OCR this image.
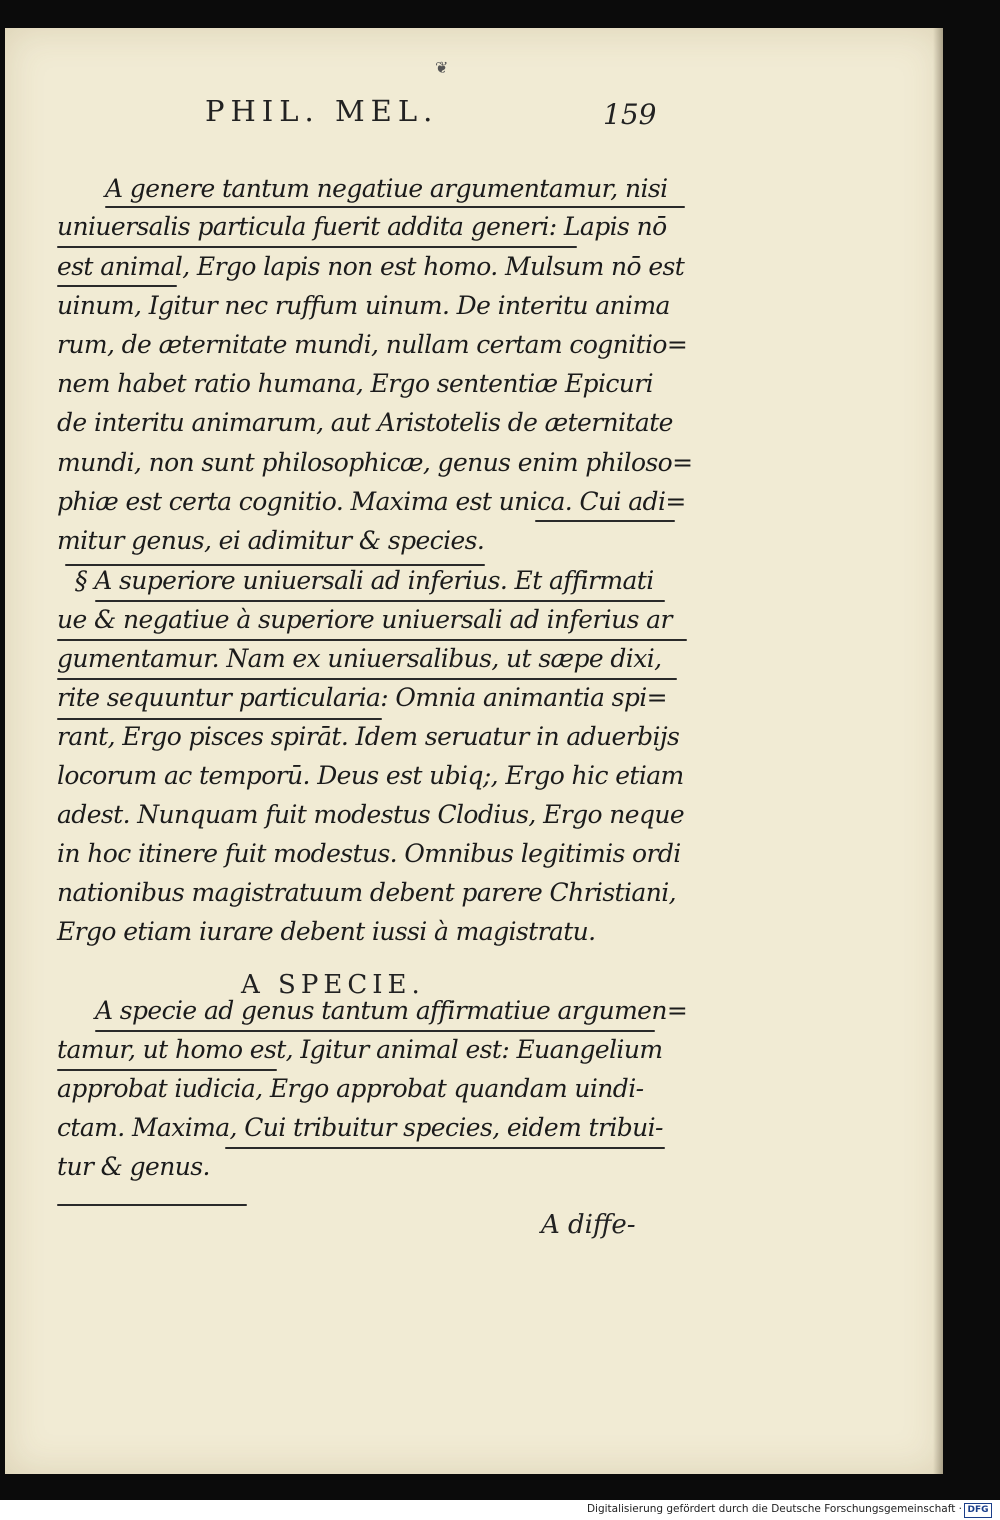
❦
PHIL. MEL.	159
A genere tantum negatiue argumentamur, nisi
uniuersalis particula fuerit addita generi: Lapis nō
est animal, Ergo lapis non est homo. Mulsum nō est
uinum, Igitur nec ruffum uinum. De interitu anima
rum, de æternitate mundi, nullam certam cognitio=
nem habet ratio humana, Ergo sententiæ Epicuri
de interitu animarum, aut Aristotelis de æternitate
mundi, non sunt philosophicæ, genus enim philoso=
phiæ est certa cognitio. Maxima est unica. Cui adi=
mitur genus, ei adimitur & species.
§ A superiore uniuersali ad inferius. Et affirmati
ue & negatiue à superiore uniuersali ad inferius ar
gumentamur. Nam ex uniuersalibus, ut sæpe dixi,
rite sequuntur particularia: Omnia animantia spi=
rant, Ergo pisces spirāt. Idem seruatur in aduerbijs
locorum ac temporū. Deus est ubiq;, Ergo hic etiam
adest. Nunquam fuit modestus Clodius, Ergo neque
in hoc itinere fuit modestus. Omnibus legitimis ordi
nationibus magistratuum debent parere Christiani,
Ergo etiam iurare debent iussi à magistratu.
A SPECIE.
A specie ad genus tantum affirmatiue argumen=
tamur, ut homo est, Igitur animal est: Euangelium
approbat iudicia, Ergo approbat quandam uindi-
ctam. Maxima, Cui tribuitur species, eidem tribui-
tur & genus.
A diffe-
Digitalisierung gefördert durch die Deutsche Forschungsgemeinschaft · DFG
